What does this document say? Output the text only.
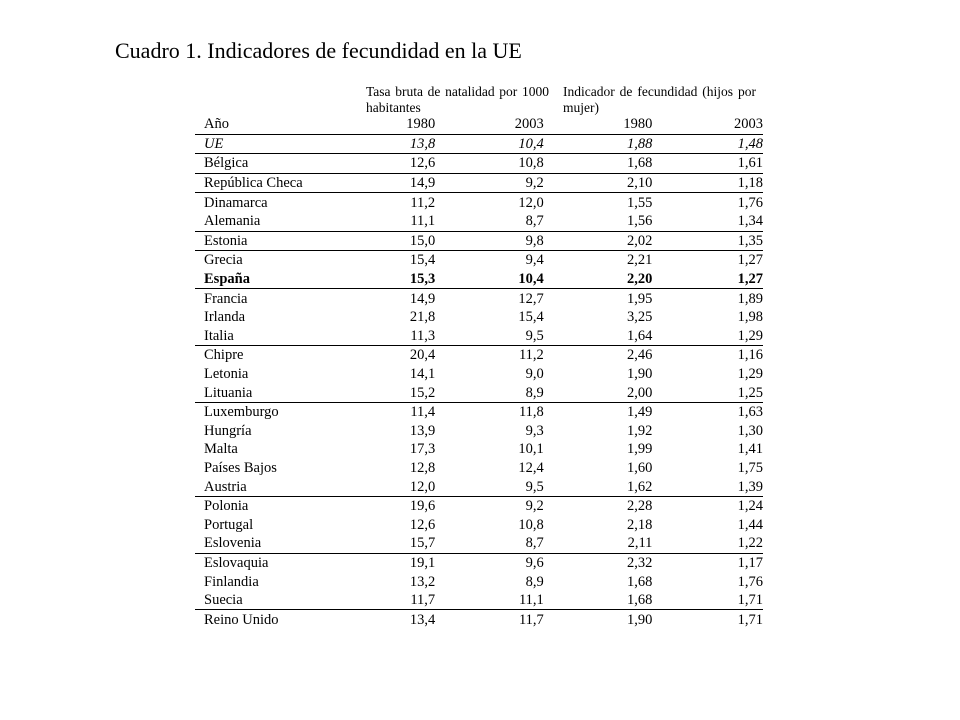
Cuadro 1. Indicadores de fecundidad en la UE
Tasa bruta de natalidad por 1000 habitantes
Indicador de fecundidad (hijos por mujer)
Año	1980	2003	1980	2003
UE	13,8	10,4	1,88	1,48
Bélgica	12,6	10,8	1,68	1,61
República Checa	14,9	9,2	2,10	1,18
Dinamarca	11,2	12,0	1,55	1,76
Alemania	11,1	8,7	1,56	1,34
Estonia	15,0	9,8	2,02	1,35
Grecia	15,4	9,4	2,21	1,27
España	15,3	10,4	2,20	1,27
Francia	14,9	12,7	1,95	1,89
Irlanda	21,8	15,4	3,25	1,98
Italia	11,3	9,5	1,64	1,29
Chipre	20,4	11,2	2,46	1,16
Letonia	14,1	9,0	1,90	1,29
Lituania	15,2	8,9	2,00	1,25
Luxemburgo	11,4	11,8	1,49	1,63
Hungría	13,9	9,3	1,92	1,30
Malta	17,3	10,1	1,99	1,41
Países Bajos	12,8	12,4	1,60	1,75
Austria	12,0	9,5	1,62	1,39
Polonia	19,6	9,2	2,28	1,24
Portugal	12,6	10,8	2,18	1,44
Eslovenia	15,7	8,7	2,11	1,22
Eslovaquia	19,1	9,6	2,32	1,17
Finlandia	13,2	8,9	1,68	1,76
Suecia	11,7	11,1	1,68	1,71
Reino Unido	13,4	11,7	1,90	1,71
